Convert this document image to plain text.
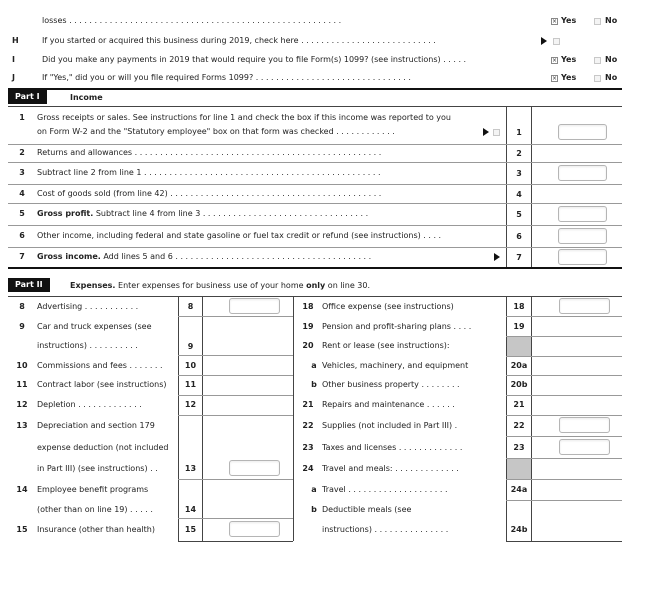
losses . . . . . . . . . . . . . . . . . . . . . . . . . . . . . . . . . . . . . . . . . . . . . . . . . . . . . .	× Yes	No
H	If you started or acquired this business during 2019, check here . . . . . . . . . . . . . . . . . . . . . . . . . . .
I	Did you make any payments in 2019 that would require you to file Form(s) 1099? (see instructions) . . . . .	× Yes	No
J	If "Yes," did you or will you file required Forms 1099? . . . . . . . . . . . . . . . . . . . . . . . . . . . . . . .	× Yes	No
Part I	Income
1	Gross receipts or sales. See instructions for line 1 and check the box if this income was reported to you
on Form W-2 and the "Statutory employee" box on that form was checked . . . . . . . . . . . .	1
2	Returns and allowances . . . . . . . . . . . . . . . . . . . . . . . . . . . . . . . . . . . . . . . . . . . . . . . . .	2
3	Subtract line 2 from line 1 . . . . . . . . . . . . . . . . . . . . . . . . . . . . . . . . . . . . . . . . . . . . . . .	3
4	Cost of goods sold (from line 42) . . . . . . . . . . . . . . . . . . . . . . . . . . . . . . . . . . . . . . . . . .	4
5	Gross profit. Subtract line 4 from line 3 . . . . . . . . . . . . . . . . . . . . . . . . . . . . . . . . .	5
6	Other income, including federal and state gasoline or fuel tax credit or refund (see instructions) . . . .	6
7	Gross income. Add lines 5 and 6 . . . . . . . . . . . . . . . . . . . . . . . . . . . . . . . . . . . . . . .	7
Part II	Expenses. Enter expenses for business use of your home only on line 30.
8	Advertising . . . . . . . . . . .	8
9	Car and truck expenses (see
instructions) . . . . . . . . . .	9
10	Commissions and fees . . . . . . .	10
11	Contract labor (see instructions)	11
12	Depletion . . . . . . . . . . . . .	12
13	Depreciation and section 179
expense deduction (not included
in Part III) (see instructions) . .	13
14	Employee benefit programs
(other than on line 19) . . . . .	14
15	Insurance (other than health)	15
18	Office expense (see instructions)	18
19	Pension and profit-sharing plans . . . .	19
20	Rent or lease (see instructions):
a Vehicles, machinery, and equipment	20a
b Other business property . . . . . . . .	20b
21	Repairs and maintenance . . . . . .	21
22	Supplies (not included in Part III) .	22
23	Taxes and licenses . . . . . . . . . . . . .	23
24	Travel and meals: . . . . . . . . . . . . .
a Travel . . . . . . . . . . . . . . . . . . . .	24a
b Deductible meals (see
instructions) . . . . . . . . . . . . . . .	24b
